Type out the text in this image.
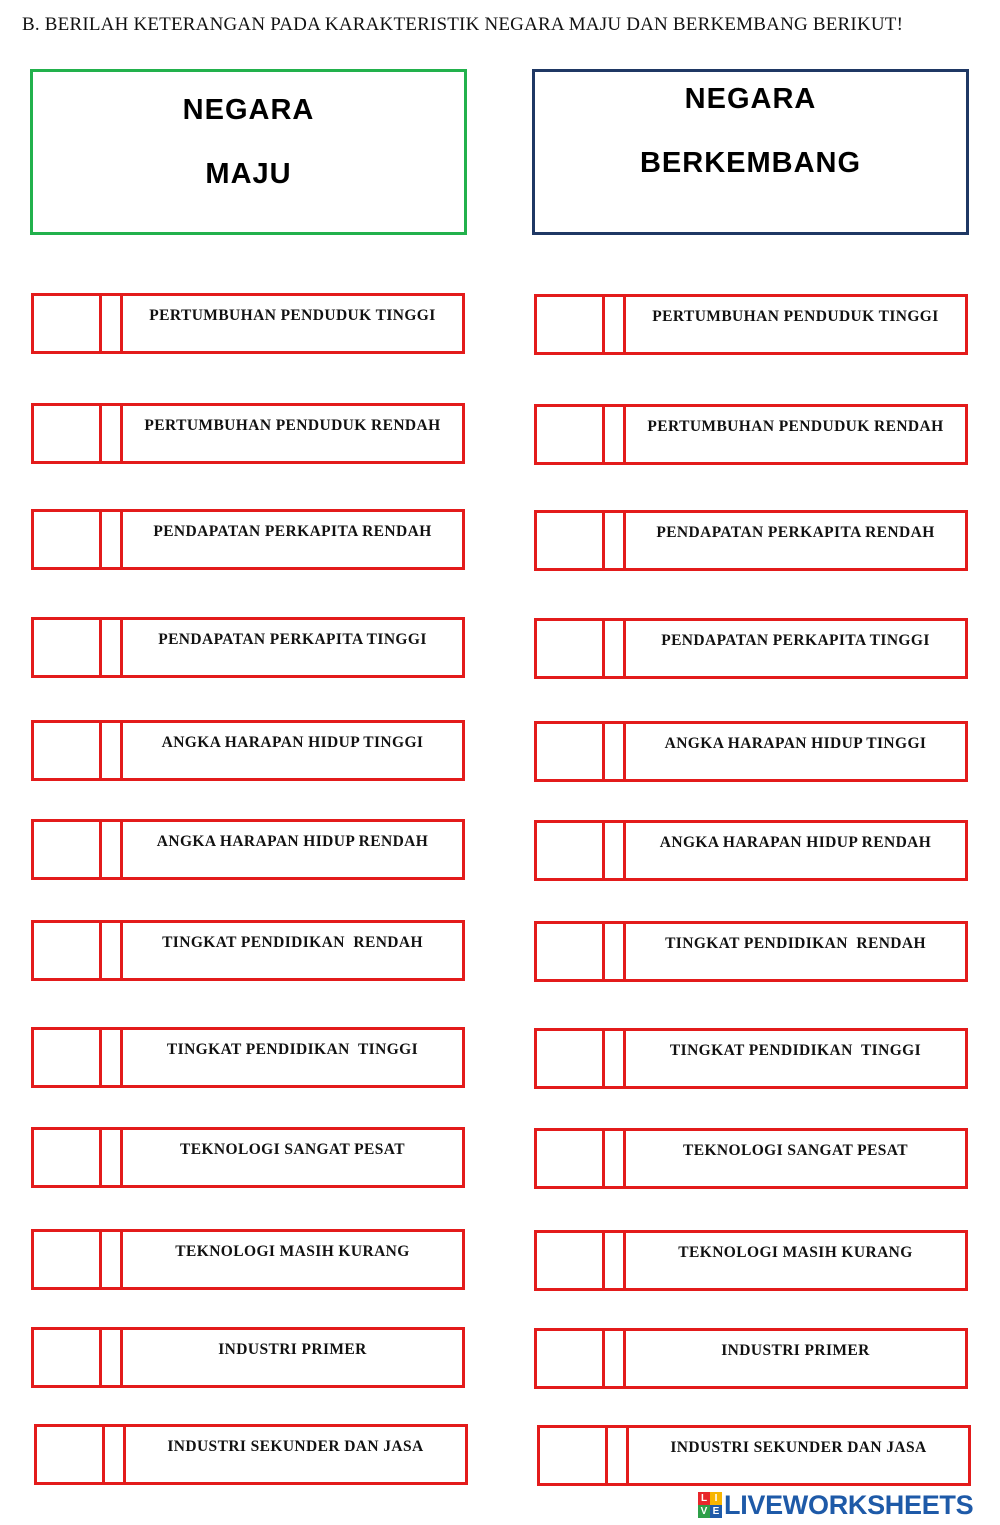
B. BERILAH KETERANGAN PADA KARAKTERISTIK NEGARA MAJU DAN BERKEMBANG BERIKUT!
NEGARA
MAJU
NEGARA
BERKEMBANG
PERTUMBUHAN PENDUDUK TINGGI
PERTUMBUHAN PENDUDUK RENDAH
PENDAPATAN PERKAPITA RENDAH
PENDAPATAN PERKAPITA TINGGI
ANGKA HARAPAN HIDUP TINGGI
ANGKA HARAPAN HIDUP RENDAH
TINGKAT PENDIDIKAN  RENDAH
TINGKAT PENDIDIKAN  TINGGI
TEKNOLOGI SANGAT PESAT
TEKNOLOGI MASIH KURANG
INDUSTRI PRIMER
INDUSTRI SEKUNDER DAN JASA
PERTUMBUHAN PENDUDUK TINGGI
PERTUMBUHAN PENDUDUK RENDAH
PENDAPATAN PERKAPITA RENDAH
PENDAPATAN PERKAPITA TINGGI
ANGKA HARAPAN HIDUP TINGGI
ANGKA HARAPAN HIDUP RENDAH
TINGKAT PENDIDIKAN  RENDAH
TINGKAT PENDIDIKAN  TINGGI
TEKNOLOGI SANGAT PESAT
TEKNOLOGI MASIH KURANG
INDUSTRI PRIMER
INDUSTRI SEKUNDER DAN JASA
L I
V E LIVEWORKSHEETS
